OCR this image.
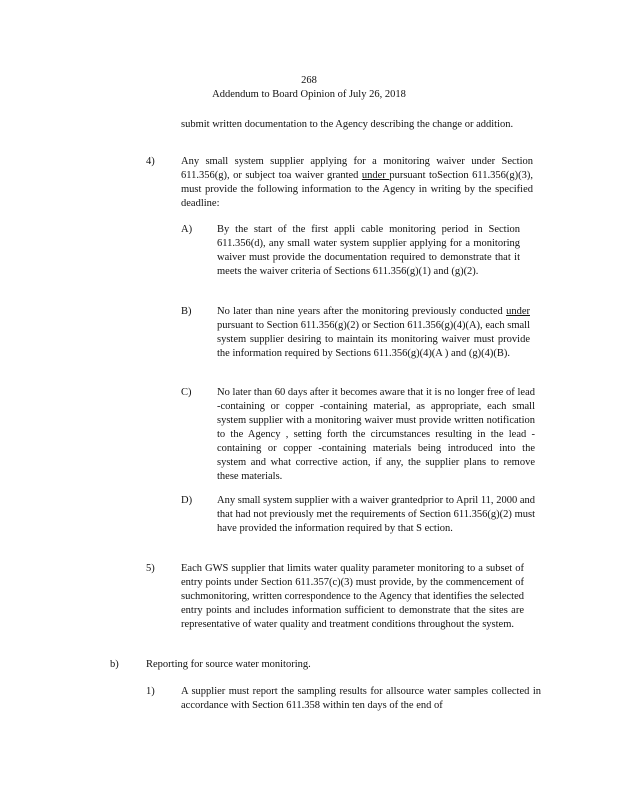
268
Addendum to Board Opinion of July 26, 2018
submit written documentation to the Agency describing the change or addition.
4)	Any small system supplier applying for a monitoring waiver under Section 611.356(g), or subject toa waiver granted under pursuant toSection 611.356(g)(3), must provide the following information to the Agency in writing by the specified deadline:
A) By the start of the first appli cable monitoring period in Section 611.356(d), any small water system supplier applying for a monitoring waiver must provide the documentation required to demonstrate that it meets the waiver criteria of Sections 611.356(g)(1) and (g)(2).
B) No later than nine years after the monitoring previously conducted under pursuant to Section 611.356(g)(2) or Section 611.356(g)(4)(A), each small system supplier desiring to maintain its monitoring waiver must provide the information required by Sections 611.356(g)(4)(A ) and (g)(4)(B).
C) No later than 60 days after it becomes aware that it is no longer free of lead -containing or copper -containing material, as appropriate, each small system supplier with a monitoring waiver must provide written notification to the Agency , setting forth the circumstances resulting in the lead -containing or copper -containing materials being introduced into the system and what corrective action, if any, the supplier plans to remove these materials.
D) Any small system supplier with a waiver grantedprior to April 11, 2000 and that had not previously met the requirements of Section 611.356(g)(2) must have provided the information required by that S ection.
5)	Each GWS supplier that limits water quality parameter monitoring to a subset of entry points under Section 611.357(c)(3) must provide, by the commencement of suchmonitoring, written correspondence to the Agency that identifies the selected entry points and includes information sufficient to demonstrate that the sites are representative of water quality and treatment conditions throughout the system.
b)	Reporting for source water monitoring.
1)	A supplier must report the sampling results for allsource water samples collected in accordance with Section 611.358 within ten days of the end of
